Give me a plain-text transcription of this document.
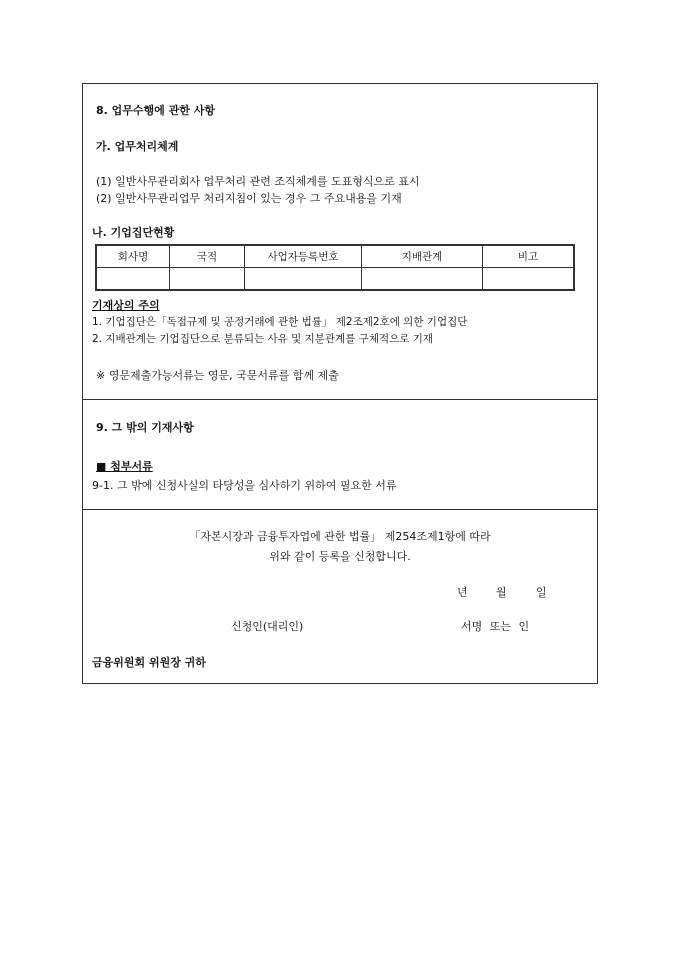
8. 업무수행에 관한 사항
가. 업무처리체계
(1) 일반사무관리회사 업무처리 관련 조직체계를 도표형식으로 표시
(2) 일반사무관리업무 처리지침이 있는 경우 그 주요내용을 기재
나. 기업집단현황
회사명	국적	사업자등록번호	지배관계	비고

기재상의 주의
1. 기업집단은「독점규제 및 공정거래에 관한 법률」 제2조제2호에 의한 기업집단
2. 지배관계는 기업집단으로 분류되는 사유 및 지분관계를 구체적으로 기재
※ 영문제출가능서류는 영문, 국문서류를 함께 제출
9. 그 밖의 기재사항
■ 첨부서류
9-1. 그 밖에 신청사실의 타당성을 심사하기 위하여 필요한 서류
「자본시장과 금융투자업에 관한 법률」 제254조제1항에 따라
위와 같이 등록을 신청합니다.
년	월	일
신청인(대리인)	서명 또는 인
금융위원회 위원장 귀하
